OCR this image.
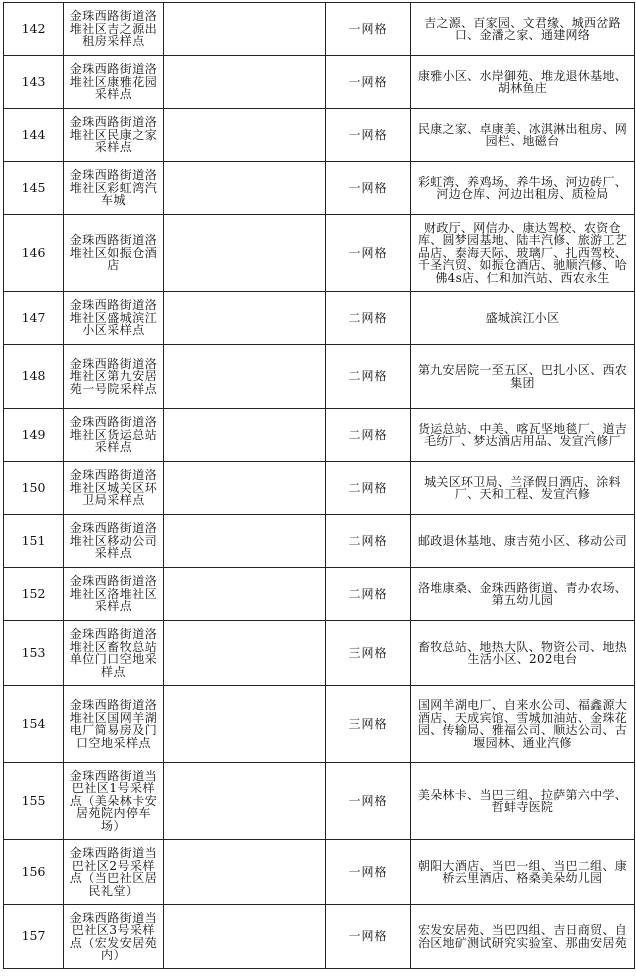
142	金珠西路街道洛堆社区吉之源出租房采样点		一网格	吉之源、百家园、文君缘、城西岔路口、金潘之家、通建网络
143	金珠西路街道洛堆社区康雅花园采样点		一网格	康雅小区、水岸御苑、堆龙退休基地、胡林鱼庄
144	金珠西路街道洛堆社区民康之家采样点		一网格	民康之家、卓康美、冰淇淋出租房、网园栏、地磁台
145	金珠西路街道洛堆社区彩虹湾汽车城		一网格	彩虹湾、养鸡场、养牛场、河边砖厂、河边仓库、河边出租房、质检局
146	金珠西路街道洛堆社区如振仓酒店		一网格	财政厅、网信办、康达驾校、农资仓库、圆梦园基地、陆丰汽修、旅游工艺品店、泰海天际、玻璃厂、扎西驾校、千圣汽贸、如振仓酒店、驰顺汽修、哈佛4s店、仁和加汽站、西农永生
147	金珠西路街道洛堆社区盛城滨江小区采样点		二网格	盛城滨江小区
148	金珠西路街道洛堆社区第九安居苑一号院采样点		二网格	第九安居院一至五区、巴扎小区、西农集团
149	金珠西路街道洛堆社区货运总站采样点		二网格	货运总站、中美、喀瓦坚地毯厂、道吉毛纺厂、梦达酒店用品、发宣汽修厂
150	金珠西路街道洛堆社区城关区环卫局采样点		二网格	城关区环卫局、兰泽假日酒店、涂料厂、天和工程、发宣汽修
151	金珠西路街道洛堆社区移动公司采样点		二网格	邮政退休基地、康吉苑小区、移动公司
152	金珠西路街道洛堆社区洛堆社区采样点		二网格	洛堆康桑、金珠西路街道、青办农场、第五幼儿园
153	金珠西路街道洛堆社区畜牧总站单位门口空地采样点		三网格	畜牧总站、地热大队、物资公司、地热生活小区、202电台
154	金珠西路街道洛堆社区国网羊湖电厂简易房及门口空地采样点		三网格	国网羊湖电厂、自来水公司、福鑫源大酒店、天成宾馆、雪城加油站、金珠花园、传输局、雅福公司、顺达公司、古堰园林、通业汽修
155	金珠西路街道当巴社区1号采样点（美朵林卡安居苑院内停车场）		一网格	美朵林卡、当巴三组、拉萨第六中学、哲蚌寺医院
156	金珠西路街道当巴社区2号采样点（当巴社区居民礼堂）		一网格	朝阳大酒店、当巴一组、当巴二组、康桥云里酒店、格桑美朵幼儿园
157	金珠西路街道当巴社区3号采样点（宏发安居苑内）		一网格	宏发安居苑、当巴四组、吉日商贸、自治区地矿测试研究实验室、那曲安居苑
